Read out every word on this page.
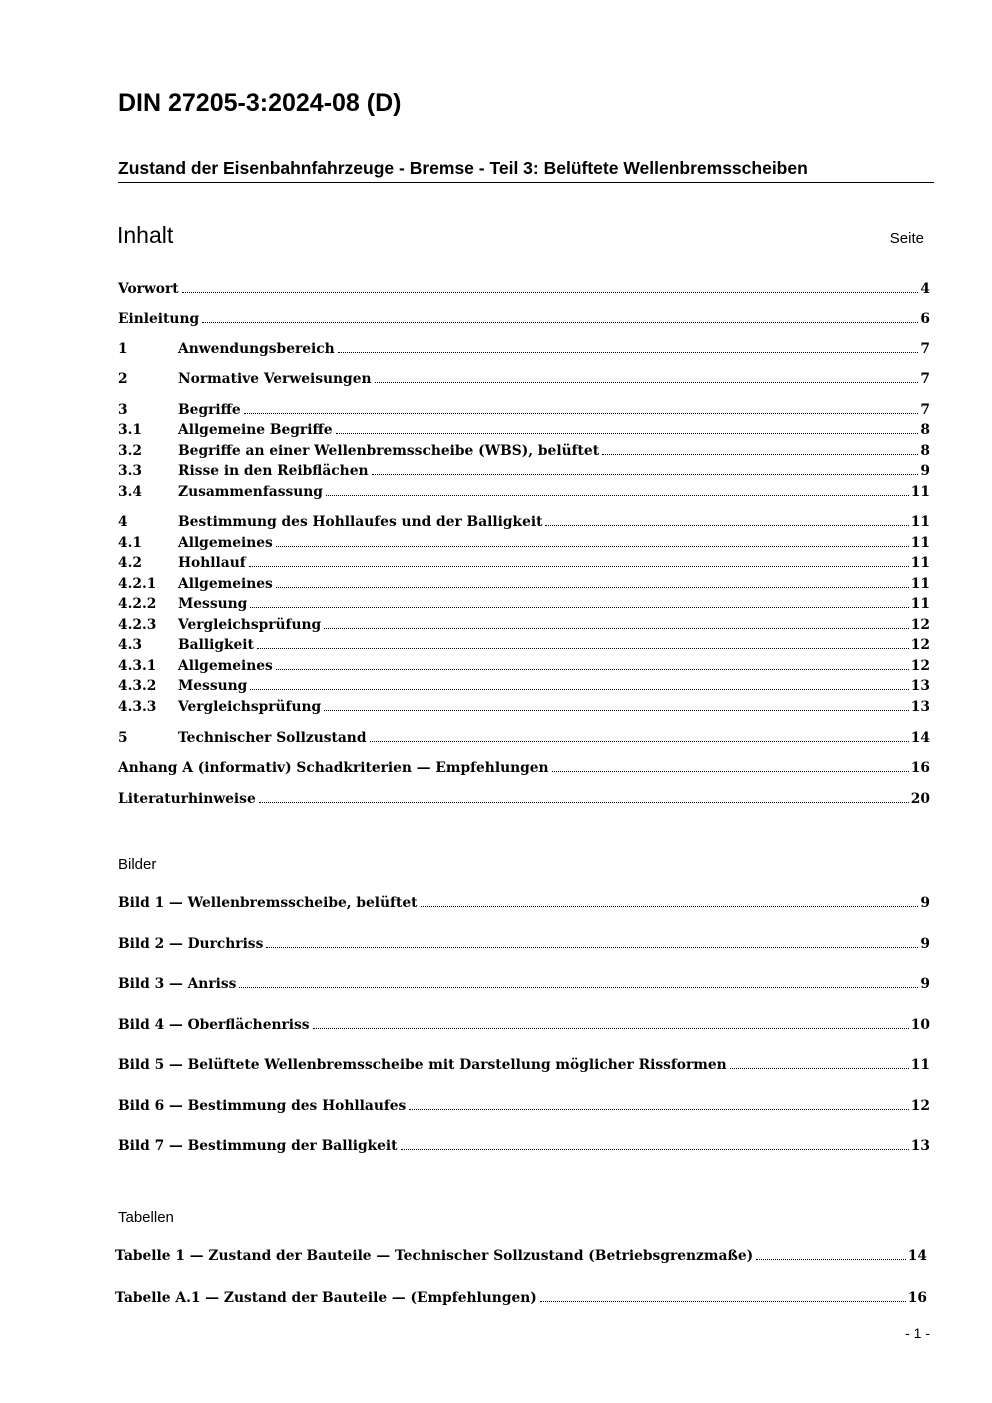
DIN 27205-3:2024-08 (D)
Zustand der Eisenbahnfahrzeuge - Bremse - Teil 3: Belüftete Wellenbremsscheiben
Inhalt	Seite
Vorwort	4
Einleitung	6
1	Anwendungsbereich	7
2	Normative Verweisungen	7
3	Begriffe	7
3.1	Allgemeine Begriffe	8
3.2	Begriffe an einer Wellenbremsscheibe (WBS), belüftet	8
3.3	Risse in den Reibflächen	9
3.4	Zusammenfassung	11
4	Bestimmung des Hohllaufes und der Balligkeit	11
4.1	Allgemeines	11
4.2	Hohllauf	11
4.2.1	Allgemeines	11
4.2.2	Messung	11
4.2.3	Vergleichsprüfung	12
4.3	Balligkeit	12
4.3.1	Allgemeines	12
4.3.2	Messung	13
4.3.3	Vergleichsprüfung	13
5	Technischer Sollzustand	14
Anhang A (informativ) Schadkriterien — Empfehlungen	16
Literaturhinweise	20
Bilder
Bild 1 — Wellenbremsscheibe, belüftet	9
Bild 2 — Durchriss	9
Bild 3 — Anriss	9
Bild 4 — Oberflächenriss	10
Bild 5 — Belüftete Wellenbremsscheibe mit Darstellung möglicher Rissformen	11
Bild 6 — Bestimmung des Hohllaufes	12
Bild 7 — Bestimmung der Balligkeit	13
Tabellen
Tabelle 1 — Zustand der Bauteile — Technischer Sollzustand (Betriebsgrenzmaße)	14
Tabelle A.1 — Zustand der Bauteile — (Empfehlungen)	16
- 1 -
